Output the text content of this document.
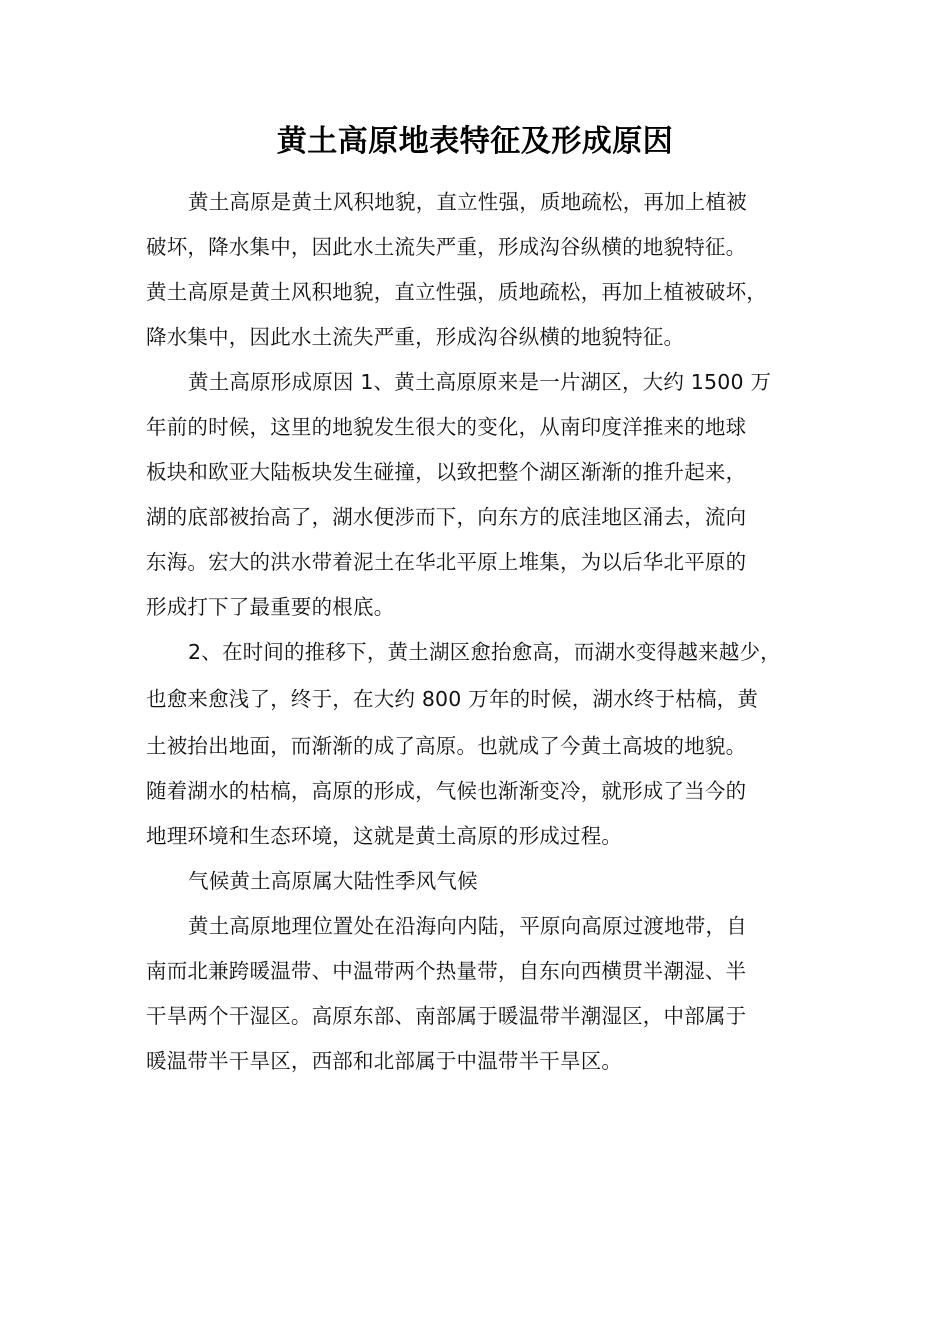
黄土高原地表特征及形成原因

黄土高原是黄土风积地貌，直立性强，质地疏松，再加上植被

破坏，降水集中，因此水土流失严重，形成沟谷纵横的地貌特征。

黄土高原是黄土风积地貌，直立性强，质地疏松，再加上植被破坏，

降水集中，因此水土流失严重，形成沟谷纵横的地貌特征。

黄土高原形成原因 1、黄土高原原来是一片湖区，大约 1500 万

年前的时候，这里的地貌发生很大的变化，从南印度洋推来的地球

板块和欧亚大陆板块发生碰撞，以致把整个湖区渐渐的推升起来，

湖的底部被抬高了，湖水便涉而下，向东方的底洼地区涌去，流向

东海。宏大的洪水带着泥土在华北平原上堆集，为以后华北平原的

形成打下了最重要的根底。

2、在时间的推移下，黄土湖区愈抬愈高，而湖水变得越来越少，

也愈来愈浅了，终于，在大约 800 万年的时候，湖水终于枯槁，黄

土被抬出地面，而渐渐的成了高原。也就成了今黄土高坡的地貌。

随着湖水的枯槁，高原的形成，气候也渐渐变冷，就形成了当今的

地理环境和生态环境，这就是黄土高原的形成过程。

气候黄土高原属大陆性季风气候

黄土高原地理位置处在沿海向内陆，平原向高原过渡地带，自

南而北兼跨暖温带、中温带两个热量带，自东向西横贯半潮湿、半

干旱两个干湿区。高原东部、南部属于暖温带半潮湿区，中部属于

暖温带半干旱区，西部和北部属于中温带半干旱区。
